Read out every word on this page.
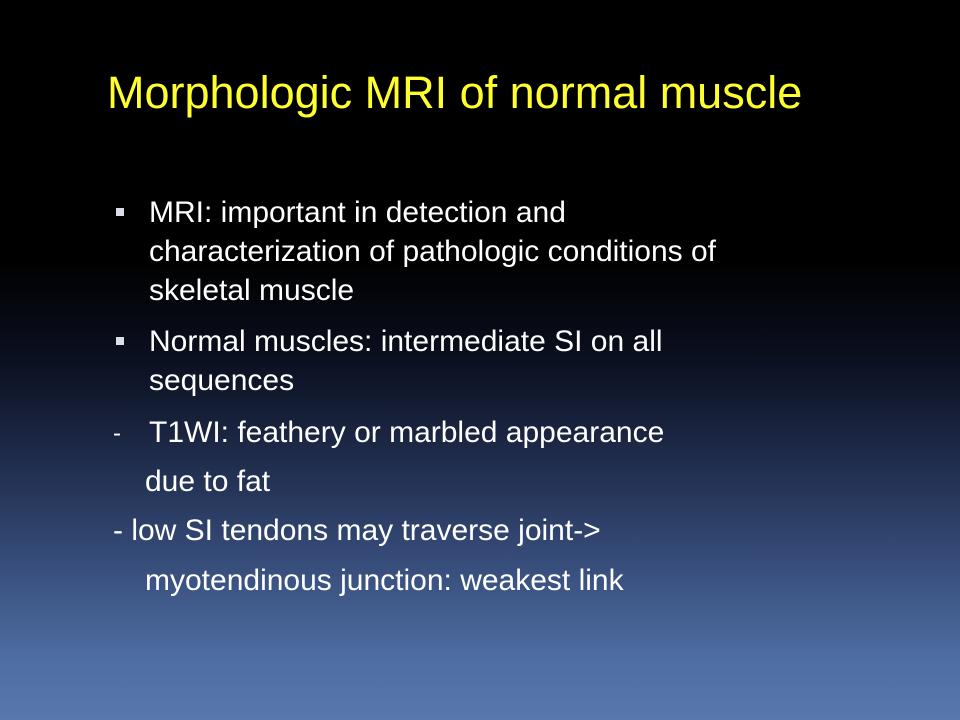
Morphologic MRI of normal muscle
MRI: important in detection and
characterization of pathologic conditions of
skeletal muscle
Normal muscles: intermediate SI on all
sequences
- T1WI: feathery or marbled appearance
due to fat
- low SI tendons may traverse joint->
myotendinous junction: weakest link
